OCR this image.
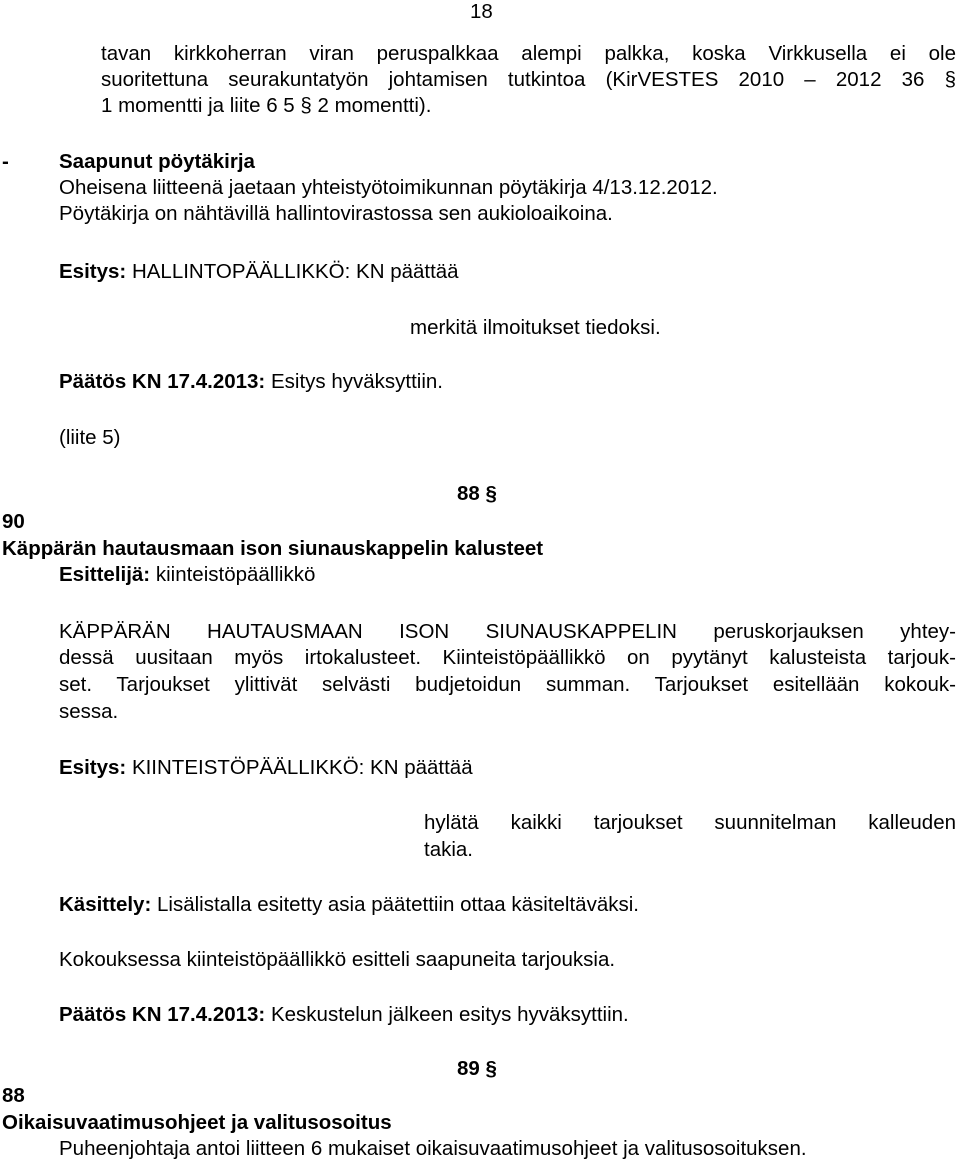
18
tavan kirkkoherran viran peruspalkkaa alempi palkka, koska Virkkusella ei ole
suoritettuna seurakuntatyön johtamisen tutkintoa (KirVESTES 2010 – 2012 36 §
1 momentti ja liite 6 5 § 2 momentti).
- Saapunut pöytäkirja
Oheisena liitteenä jaetaan yhteistyötoimikunnan pöytäkirja 4/13.12.2012.
Pöytäkirja on nähtävillä hallintovirastossa sen aukioloaikoina.
Esitys: HALLINTOPÄÄLLIKKÖ: KN päättää
merkitä ilmoitukset tiedoksi.
Päätös KN 17.4.2013: Esitys hyväksyttiin.
(liite 5)
88 §
90
Käppärän hautausmaan ison siunauskappelin kalusteet
Esittelijä: kiinteistöpäällikkö
KÄPPÄRÄN HAUTAUSMAAN ISON SIUNAUSKAPPELIN peruskorjauksen yhtey-
dessä uusitaan myös irtokalusteet. Kiinteistöpäällikkö on pyytänyt kalusteista tarjouk-
set. Tarjoukset ylittivät selvästi budjetoidun summan. Tarjoukset esitellään kokouk-
sessa.
Esitys: KIINTEISTÖPÄÄLLIKKÖ: KN päättää
hylätä kaikki tarjoukset suunnitelman kalleuden
takia.
Käsittely: Lisälistalla esitetty asia päätettiin ottaa käsiteltäväksi.
Kokouksessa kiinteistöpäällikkö esitteli saapuneita tarjouksia.
Päätös KN 17.4.2013: Keskustelun jälkeen esitys hyväksyttiin.
89 §
88
Oikaisuvaatimusohjeet ja valitusosoitus
Puheenjohtaja antoi liitteen 6 mukaiset oikaisuvaatimusohjeet ja valitusosoituksen.
